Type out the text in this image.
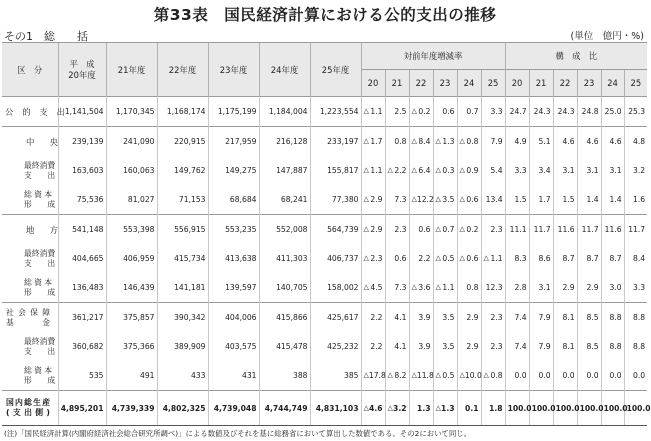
第33表　国民経済計算における公的支出の推移
その1　総　　括	(単位　億円・%)
区　分	平　成
20年度	21年度	22年度	23年度	24年度	25年度	対前年度増減率						構　成　比					
							20	21	22	23	24	25	20	21	22	23	24	25
公的支出	1,141,504	1,170,345	1,168,174	1,175,199	1,184,004	1,223,554	△ 1.1	2.5	△ 0.2	0.6	0.7	3.3	24.7	24.3	24.3	24.8	25.0	25.3
中　央	239,139	241,090	220,915	217,959	216,128	233,197	△ 1.7	0.8	△ 8.4	△ 1.3	△ 0.8	7.9	4.9	5.1	4.6	4.6	4.6	4.8

最終消費
支　　出	163,603	160,063	149,762	149,275	147,887	155,817	△ 1.1	△ 2.2	△ 6.4	△ 0.3	△ 0.9	5.4	3.3	3.4	3.1	3.1	3.1	3.2

総資本
形　　成	75,536	81,027	71,153	68,684	68,241	77,380	△ 2.9	7.3	△ 12.2	△ 3.5	△ 0.6	13.4	1.5	1.7	1.5	1.4	1.4	1.6
地　方	541,148	553,398	556,915	553,235	552,008	564,739	△ 2.9	2.3	0.6	△ 0.7	△ 0.2	2.3	11.1	11.7	11.6	11.7	11.6	11.7

最終消費
支　　出	404,665	406,959	415,734	413,638	411,303	406,737	△ 2.3	0.6	2.2	△ 0.5	△ 0.6	△ 1.1	8.3	8.6	8.7	8.7	8.7	8.4

総資本
形　　成	136,483	146,439	141,181	139,597	140,705	158,002	△ 4.5	7.3	△ 3.6	△ 1.1	0.8	12.3	2.8	3.1	2.9	2.9	3.0	3.3

社会保障
基　　金	361,217	375,857	390,342	404,006	415,866	425,617	2.2	4.1	3.9	3.5	2.9	2.3	7.4	7.9	8.1	8.5	8.8	8.8

最終消費
支　　出	360,682	375,366	389,909	403,575	415,478	425,232	2.2	4.1	3.9	3.5	2.9	2.3	7.4	7.9	8.1	8.5	8.8	8.8

総資本
形　　成	535	491	433	431	388	385	△ 17.8	△ 8.2	△ 11.8	△ 0.5	△ 10.0	△ 0.8	0.0	0.0	0.0	0.0	0.0	0.0

国内総生産
(支出側)	4,895,201	4,739,339	4,802,325	4,739,048	4,744,749	4,831,103	△ 4.6	△ 3.2	1.3	△ 1.3	0.1	1.8	100.0	100.0	100.0	100.0	100.0	100.0
(注)「国民経済計算(内閣府経済社会総合研究所調べ)」による数値及びそれを基に総務省において算出した数値である。その2において同じ。
